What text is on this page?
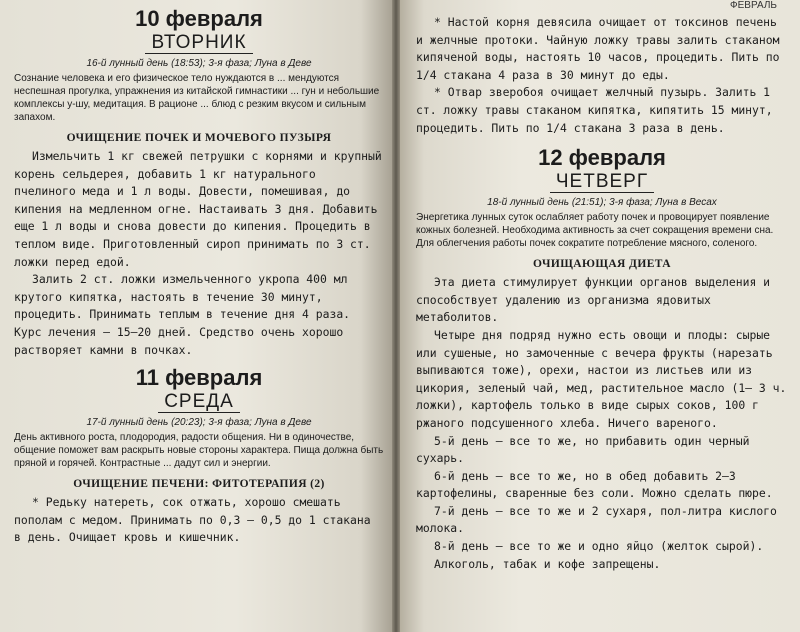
10 февраля

ВТОРНИК

16-й лунный день (18:53); 3-я фаза; Луна в Деве

Сознание человека и его физическое тело нуждаются в ... мендуются неспешная прогулка, упражнения из китайской гимнастики ... гун и небольшие комплексы у-шу, медитация. В рационе ... блюд с резким вкусом и сильным запахом.

ОЧИЩЕНИЕ ПОЧЕК И МОЧЕВОГО ПУЗЫРЯ

Измельчить 1 кг свежей петрушки с корнями и крупный корень сельдерея, добавить 1 кг натурального пчелиного меда и 1 л воды. Довести, помешивая, до кипения на медленном огне. Настаивать 3 дня. Добавить еще 1 л воды и снова довести до кипения. Процедить в теплом виде. Приготовленный сироп принимать по 3 ст. ложки перед едой.

Залить 2 ст. ложки измельченного укропа 400 мл крутого кипятка, настоять в течение 30 минут, процедить. Принимать теплым в течение дня 4 раза. Курс лечения — 15—20 дней. Средство очень хорошо растворяет камни в почках.

11 февраля

СРЕДА

17-й лунный день (20:23); 3-я фаза; Луна в Деве

День активного роста, плодородия, радости общения. Ни в одиночестве, общение поможет вам раскрыть новые стороны характера. Пища должна быть пряной и горячей. Контрастные ... дадут сил и энергии.

ОЧИЩЕНИЕ ПЕЧЕНИ: ФИТОТЕРАПИЯ (2)

* Редьку натереть, сок отжать, хорошо смешать пополам с медом. Принимать по 0,3 — 0,5 до 1 стакана в день. Очищает кровь и кишечник.

ФЕВРАЛЬ

* Настой корня девясила очищает от токсинов печень и желчные протоки. Чайную ложку травы залить стаканом кипяченой воды, настоять 10 часов, процедить. Пить по 1/4 стакана 4 раза в 30 минут до еды.

* Отвар зверобоя очищает желчный пузырь. Залить 1 ст. ложку травы стаканом кипятка, кипятить 15 минут, процедить. Пить по 1/4 стакана 3 раза в день.

12 февраля

ЧЕТВЕРГ

18-й лунный день (21:51); 3-я фаза; Луна в Весах

Энергетика лунных суток ослабляет работу почек и провоцирует появление кожных болезней. Необходима активность за счет сокращения времени сна. Для облегчения работы почек сократите потребление мясного, соленого.

ОЧИЩАЮЩАЯ ДИЕТА

Эта диета стимулирует функции органов выделения и способствует удалению из организма ядовитых метаболитов.

Четыре дня подряд нужно есть овощи и плоды: сырые или сушеные, но замоченные с вечера фрукты (нарезать выпиваются тоже), орехи, настои из листьев или из цикория, зеленый чай, мед, растительное масло (1— 3 ч. ложки), картофель только в виде сырых соков, 100 г ржаного подсушенного хлеба. Ничего вареного.

5-й день — все то же, но прибавить один черный сухарь.

6-й день — все то же, но в обед добавить 2—3 картофелины, сваренные без соли. Можно сделать пюре.

7-й день — все то же и 2 сухаря, пол-литра кислого молока.

8-й день — все то же и одно яйцо (желток сырой).

Алкоголь, табак и кофе запрещены.
